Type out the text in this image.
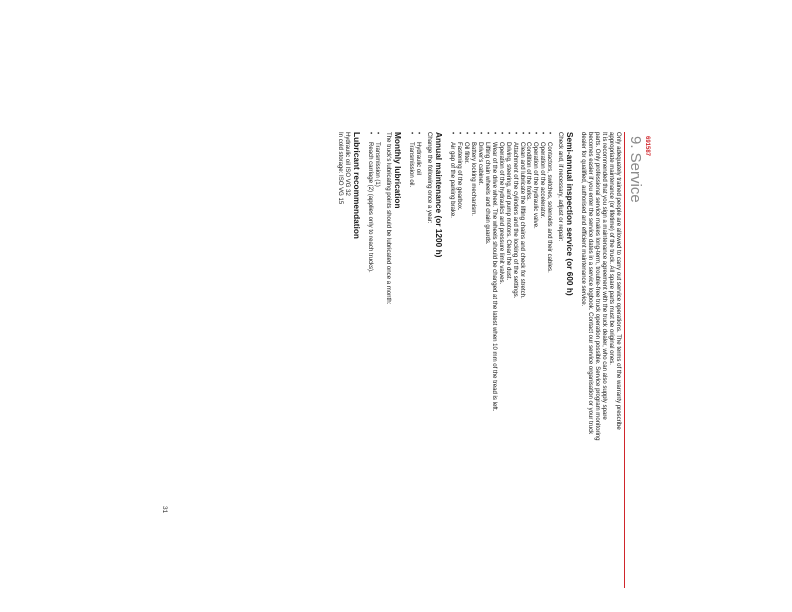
691587
9. Service

Only adequately trained people are allowed to carry out service operations. The terms of the warranty prescribe

appropriate maintenance (or lifetime) of the truck. All spare parts must be original ones.

It is recommended that you sign a maintenance agreement with the truck dealer, who can also supply spare

parts. Only professional service makes long-term, trouble-free truck operation possible. Service program monitoring

becomes easier if you enter the service dates in a service logbook. Contact our service organisation or your truck

dealer for qualified, authorised and efficient maintenance service.

Semi-annual inspection service (or 600 h)

Check and, if necessary, adjust or repair:

• Contactors, switches, solenoids and their cables.
• Operation of the accelerator.
• Operation of the hydraulic valve.
• Condition of the forks.
• Clean and lubricate the lifting chains and check for stretch.
• Attachment of the cylinders and the locking of the settings.
• Driving, steering, and pump motors. Clean the dust.
• Operation of the hydraulics and pressure limit valves.
• Wear of the drive wheel. The wheels should be changed at the latest when 10 mm of the tread is left.
• Lifting chain wheels and chain guards.
• Driver's cabinet.
• Battery locking mechanism.
• Oil filter.
• Fastening of the gearbox.
• Air gap of the parking brake.
Annual maintenance (or 1200 h)

Change the following once a year:

• Hydraulic oil
• Transmission oil.
Monthly lubrication

The truck's lubricating points should be lubricated once a month:

• Transmission (1)
• Reach carriage (2) (applies only to reach trucks).
Lubricant recommendation

Hydraulic oil ISO VG 32

In cold storage: ISO VG 15

31
